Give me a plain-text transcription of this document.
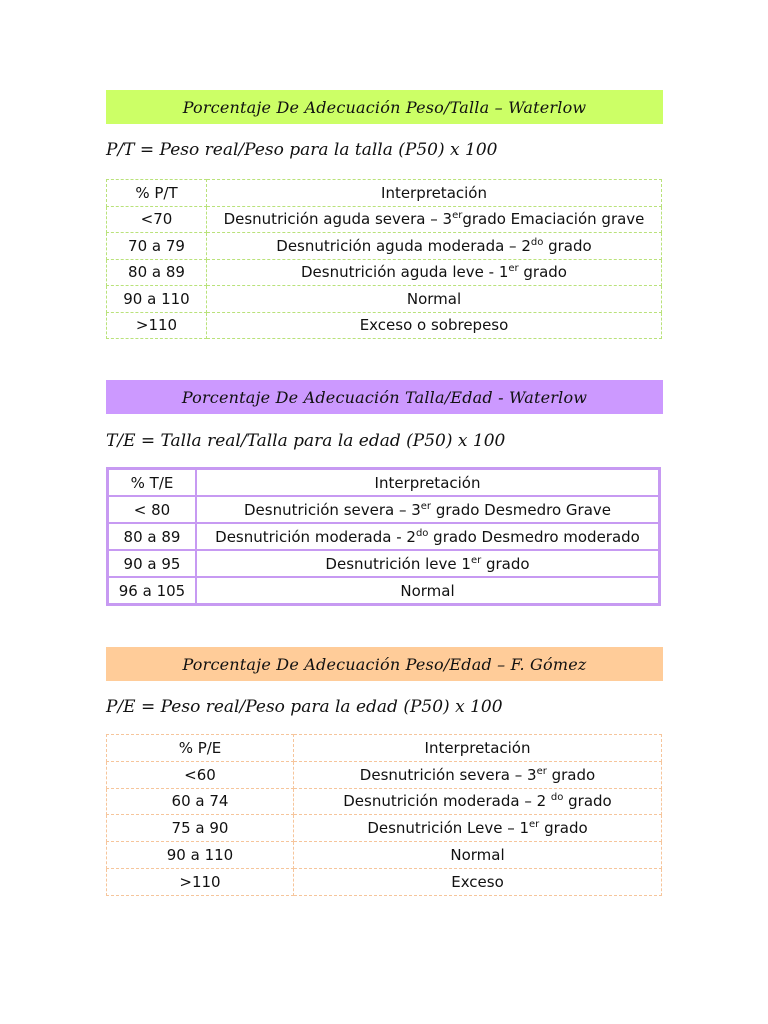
Porcentaje De Adecuación Peso/Talla – Waterlow
P/T = Peso real/Peso para la talla (P50) x 100
% P/T	Interpretación
<70	Desnutrición aguda severa – 3ergrado Emaciación grave
70 a 79	Desnutrición aguda moderada – $2^{do}$ grado
80 a 89	Desnutrición aguda leve - 1er grado
90 a 110	Normal
>110	Exceso o sobrepeso
Porcentaje De Adecuación Talla/Edad - Waterlow
T/E = Talla real/Talla para la edad (P50) x 100
% T/E	Interpretación
< 80	Desnutrición severa – 3er grado Desmedro Grave
80 a 89	Desnutrición moderada - $2^{do}$ grado Desmedro moderado
90 a 95	Desnutrición leve 1er grado
96 a 105	Normal
Porcentaje De Adecuación Peso/Edad – F. Gómez
P/E = Peso real/Peso para la edad (P50) x 100
% P/E	Interpretación
<60	Desnutrición severa – 3er grado
60 a 74	Desnutrición moderada – 2 $^{do}$ grado
75 a 90	Desnutrición Leve – 1er grado
90 a 110	Normal
>110	Exceso
